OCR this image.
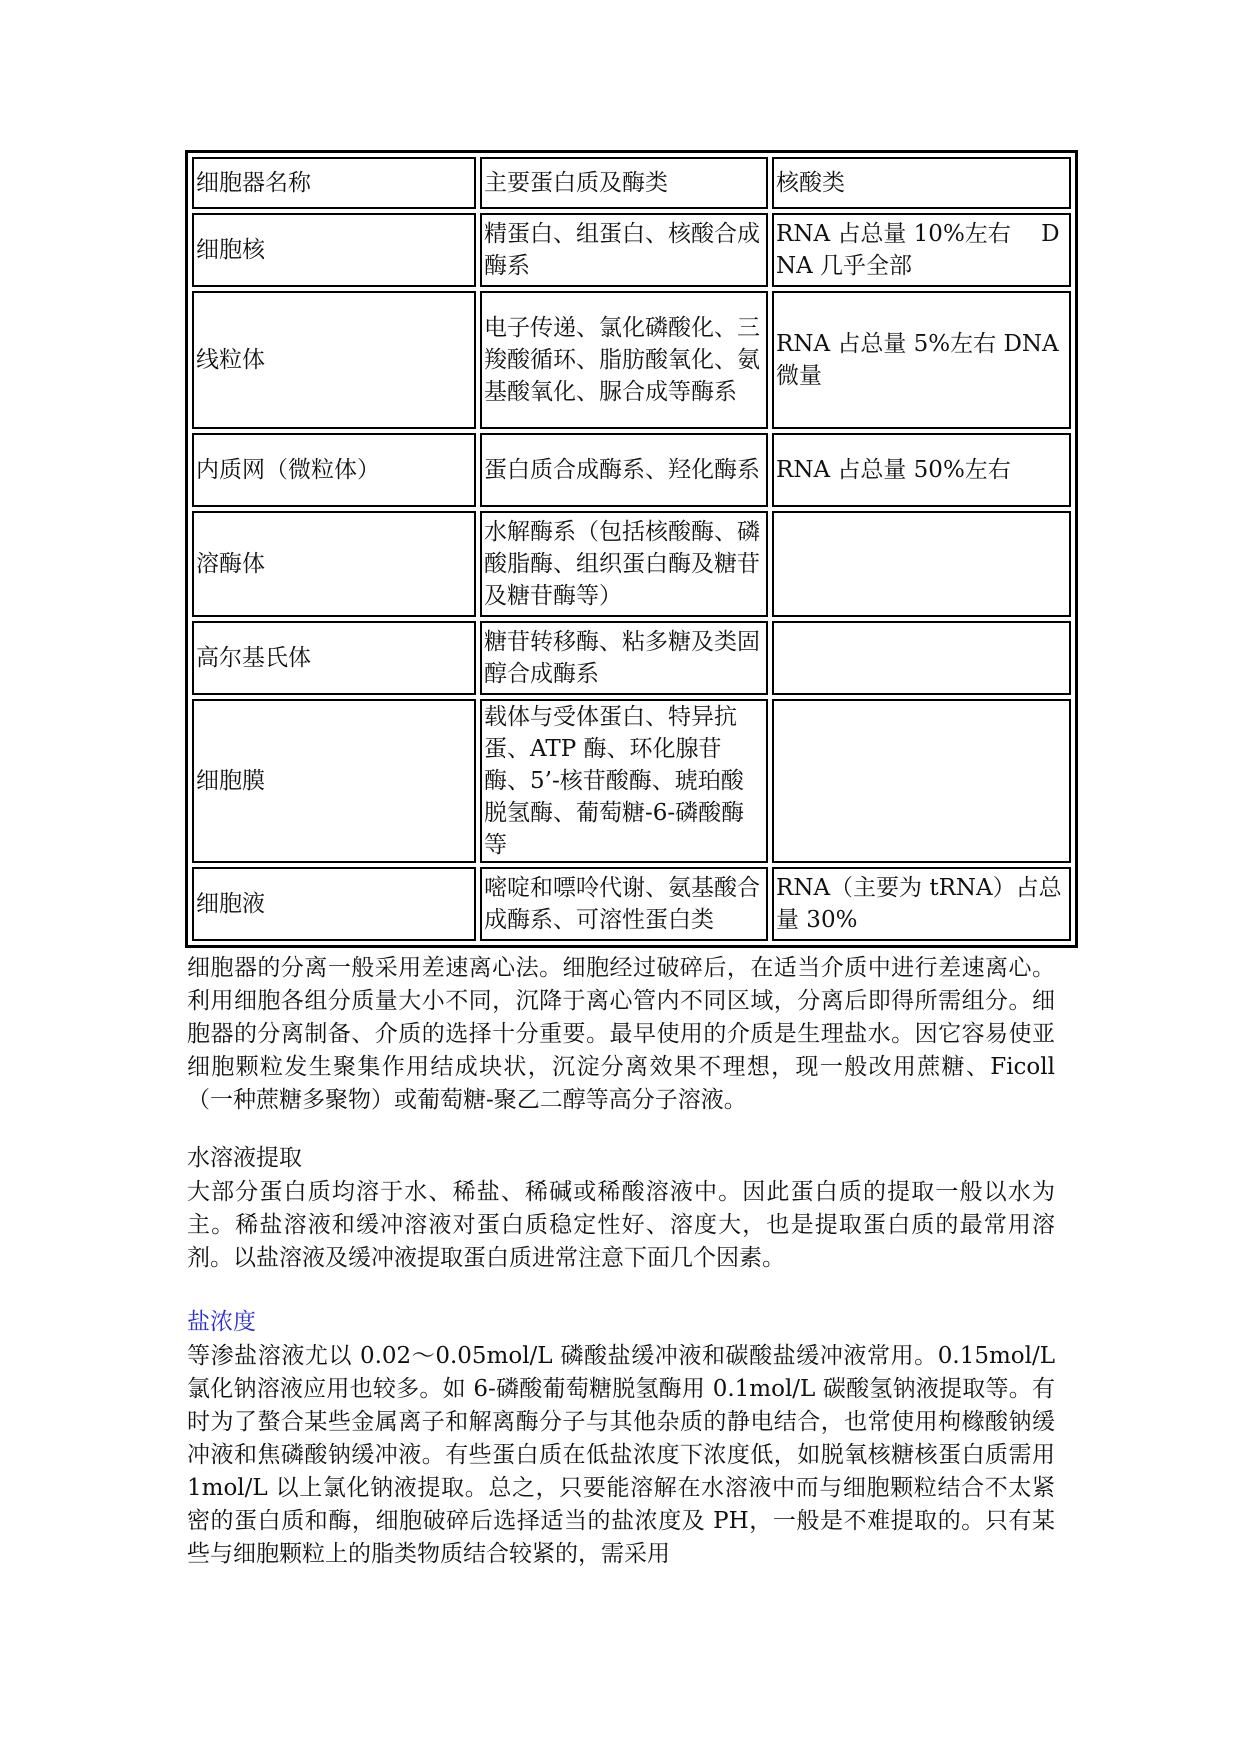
细胞器名称	主要蛋白质及酶类	核酸类
细胞核	精蛋白、组蛋白、核酸合成酶系	RNA 占总量 10%左右　 DNA 几乎全部
线粒体	电子传递、氯化磷酸化、三羧酸循环、脂肪酸氧化、氨基酸氧化、脲合成等酶系	RNA 占总量 5%左右 DNA 微量
内质网（微粒体）	蛋白质合成酶系、羟化酶系	RNA 占总量 50%左右
溶酶体	水解酶系（包括核酸酶、磷酸脂酶、组织蛋白酶及糖苷及糖苷酶等）	
高尔基氏体	糖苷转移酶、粘多糖及类固醇合成酶系	
细胞膜	载体与受体蛋白、特异抗蛋、ATP 酶、环化腺苷酶、5’-核苷酸酶、琥珀酸脱氢酶、葡萄糖-6-磷酸酶等	
细胞液	嘧啶和嘌呤代谢、氨基酸合成酶系、可溶性蛋白类	RNA（主要为 tRNA）占总量 30%

细胞器的分离一般采用差速离心法。细胞经过破碎后，在适当介质中进行差速离心。利用细胞各组分质量大小不同，沉降于离心管内不同区域，分离后即得所需组分。细胞器的分离制备、介质的选择十分重要。最早使用的介质是生理盐水。因它容易使亚细胞颗粒发生聚集作用结成块状，沉淀分离效果不理想，现一般改用蔗糖、Ficoll（一种蔗糖多聚物）或葡萄糖-聚乙二醇等高分子溶液。

水溶液提取

大部分蛋白质均溶于水、稀盐、稀碱或稀酸溶液中。因此蛋白质的提取一般以水为主。稀盐溶液和缓冲溶液对蛋白质稳定性好、溶度大，也是提取蛋白质的最常用溶剂。以盐溶液及缓冲液提取蛋白质进常注意下面几个因素。

盐浓度

等渗盐溶液尤以 0.02～0.05mol/L 磷酸盐缓冲液和碳酸盐缓冲液常用。0.15mol/L 氯化钠溶液应用也较多。如 6-磷酸葡萄糖脱氢酶用 0.1mol/L 碳酸氢钠液提取等。有时为了螯合某些金属离子和解离酶分子与其他杂质的静电结合，也常使用枸橼酸钠缓冲液和焦磷酸钠缓冲液。有些蛋白质在低盐浓度下浓度低，如脱氧核糖核蛋白质需用 1mol/L 以上氯化钠液提取。总之，只要能溶解在水溶液中而与细胞颗粒结合不太紧密的蛋白质和酶，细胞破碎后选择适当的盐浓度及 PH，一般是不难提取的。只有某些与细胞颗粒上的脂类物质结合较紧的，需采用
